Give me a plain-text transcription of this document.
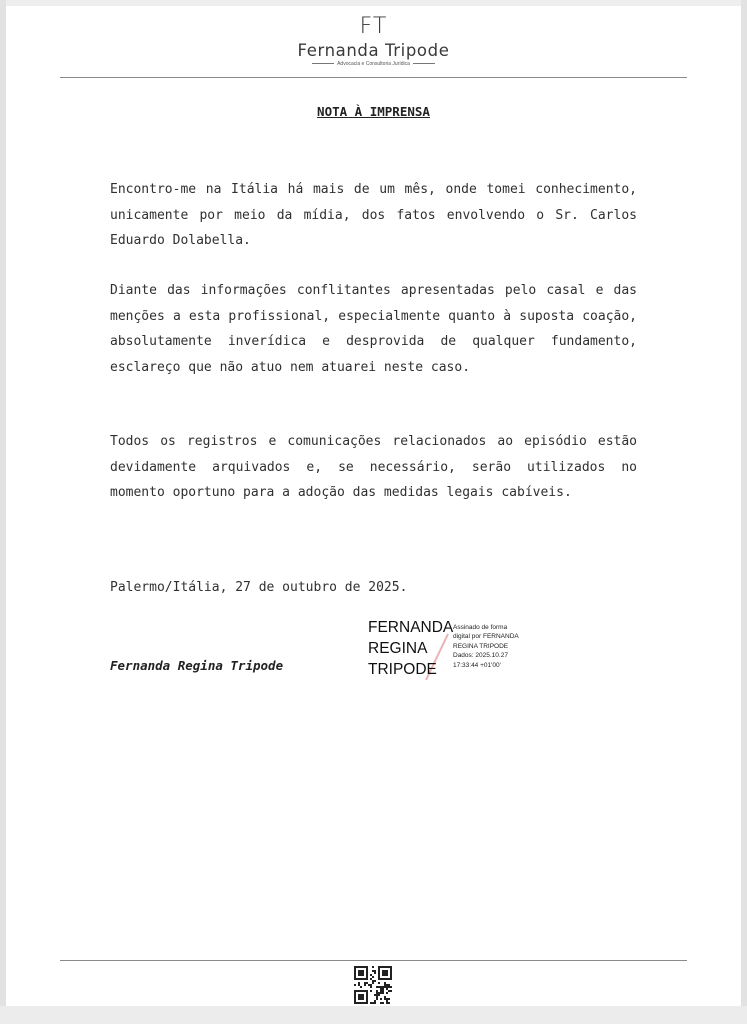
FT
Fernanda Tripode
Advocacia e Consultoria Jurídica
NOTA À IMPRENSA
Encontro-me na Itália há mais de um mês, onde tomei conhecimento, unicamente por meio da mídia, dos fatos envolvendo o Sr. Carlos Eduardo Dolabella.
Diante das informações conflitantes apresentadas pelo casal e das menções a esta profissional, especialmente quanto à suposta coação, absolutamente inverídica e desprovida de qualquer fundamento, esclareço que não atuo nem atuarei neste caso.
Todos os registros e comunicações relacionados ao episódio estão devidamente arquivados e, se necessário, serão utilizados no momento oportuno para a adoção das medidas legais cabíveis.
Palermo/Itália, 27 de outubro de 2025.
Fernanda Regina Tripode
FERNANDA
REGINA
TRIPODE
Assinado de forma
digital por FERNANDA
REGINA TRIPODE
Dados: 2025.10.27
17:33:44 +01'00'
